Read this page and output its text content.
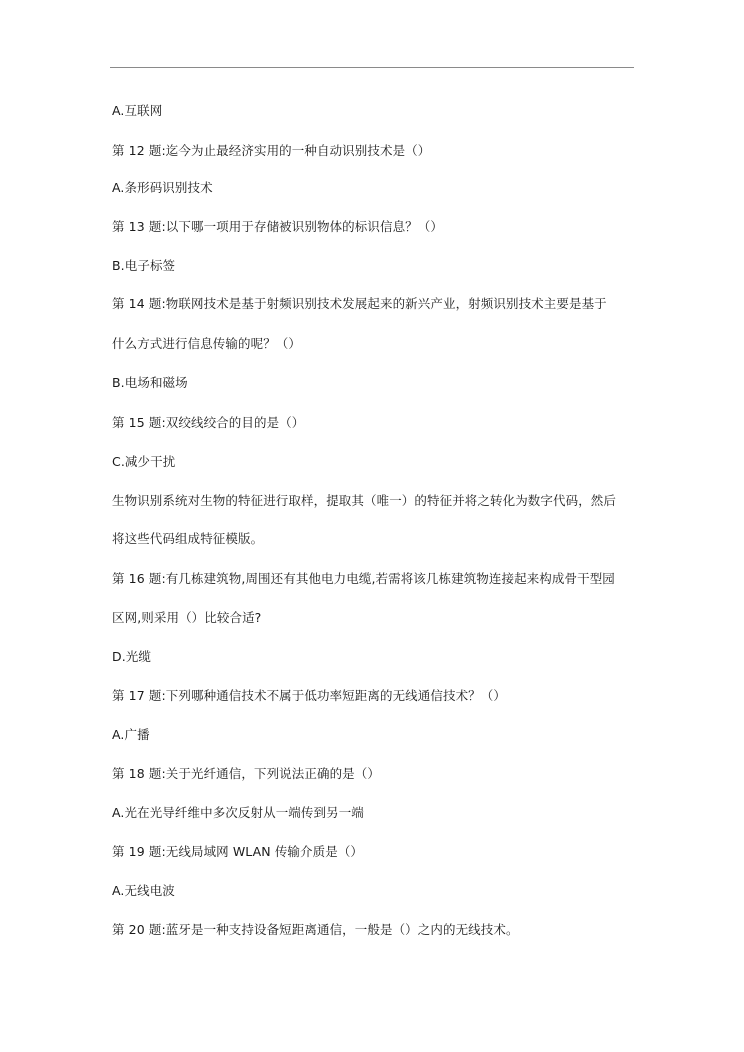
A.互联网
第 12 题:迄今为止最经济实用的一种自动识别技术是（）
A.条形码识别技术
第 13 题:以下哪一项用于存储被识别物体的标识信息？（）
B.电子标签
第 14 题:物联网技术是基于射频识别技术发展起来的新兴产业，射频识别技术主要是基于
什么方式进行信息传输的呢？（）
B.电场和磁场
第 15 题:双绞线绞合的目的是（）
C.减少干扰
生物识别系统对生物的特征进行取样，提取其（唯一）的特征并将之转化为数字代码，然后
将这些代码组成特征模版。
第 16 题:有几栋建筑物,周围还有其他电力电缆,若需将该几栋建筑物连接起来构成骨干型园
区网,则采用（）比较合适?
D.光缆
第 17 题:下列哪种通信技术不属于低功率短距离的无线通信技术？（）
A.广播
第 18 题:关于光纤通信，下列说法正确的是（）
A.光在光导纤维中多次反射从一端传到另一端
第 19 题:无线局域网 WLAN 传输介质是（）
A.无线电波
第 20 题:蓝牙是一种支持设备短距离通信，一般是（）之内的无线技术。
